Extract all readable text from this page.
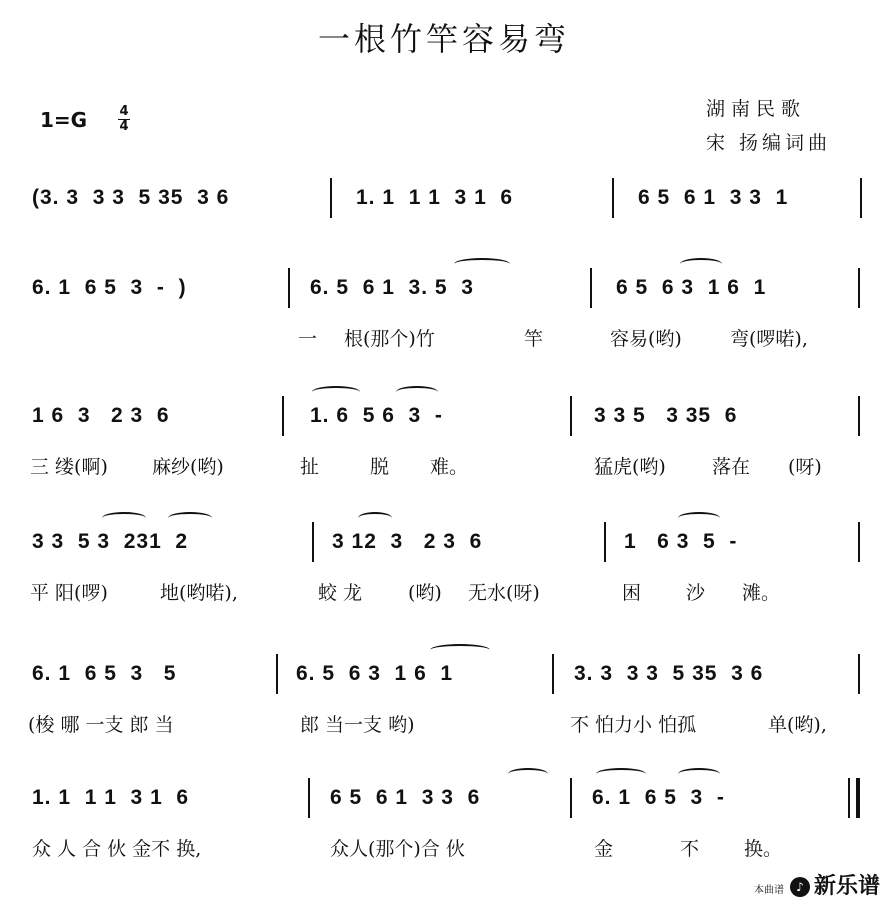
一根竹竿容易弯
1=G 4
4
湖南民歌
宋 扬编词曲
(3. 3  3 3  5 35  3 6	1. 1  1 1  3 1  6	6 5  6 1  3 3  1
6. 1  6 5  3  -  )	6. 5  6 1  3. 5  3	6 5  6 3  1 6  1
一 根(那个)竹	竿	容易(哟)	弯(啰喏),
1 6  3   2 3  6	1. 6  5 6  3  -	3 3 5   3 35  6
三 缕(啊) 麻纱(哟)	扯	脱 难。	猛虎(哟) 落在 (呀)
3 3  5 3  231  2	3 12  3   2 3  6	1   6 3  5  -
平 阳(啰)	地(哟喏),	蛟 龙 (哟) 无水(呀)	困 沙 滩。
6. 1  6 5  3   5	6. 5  6 3  1 6  1	3. 3  3 3  5 35  3 6
(梭 哪 一支 郎 当	郎 当一支 哟)	不 怕力小 怕孤	单(哟),
1. 1  1 1  3 1  6	6 5  6 1  3 3  6	6. 1  6 5  3  -
众 人 合 伙 金不 换,	众人(那个)合 伙	金	不 换。
本曲谱 ♪ 新乐谱
